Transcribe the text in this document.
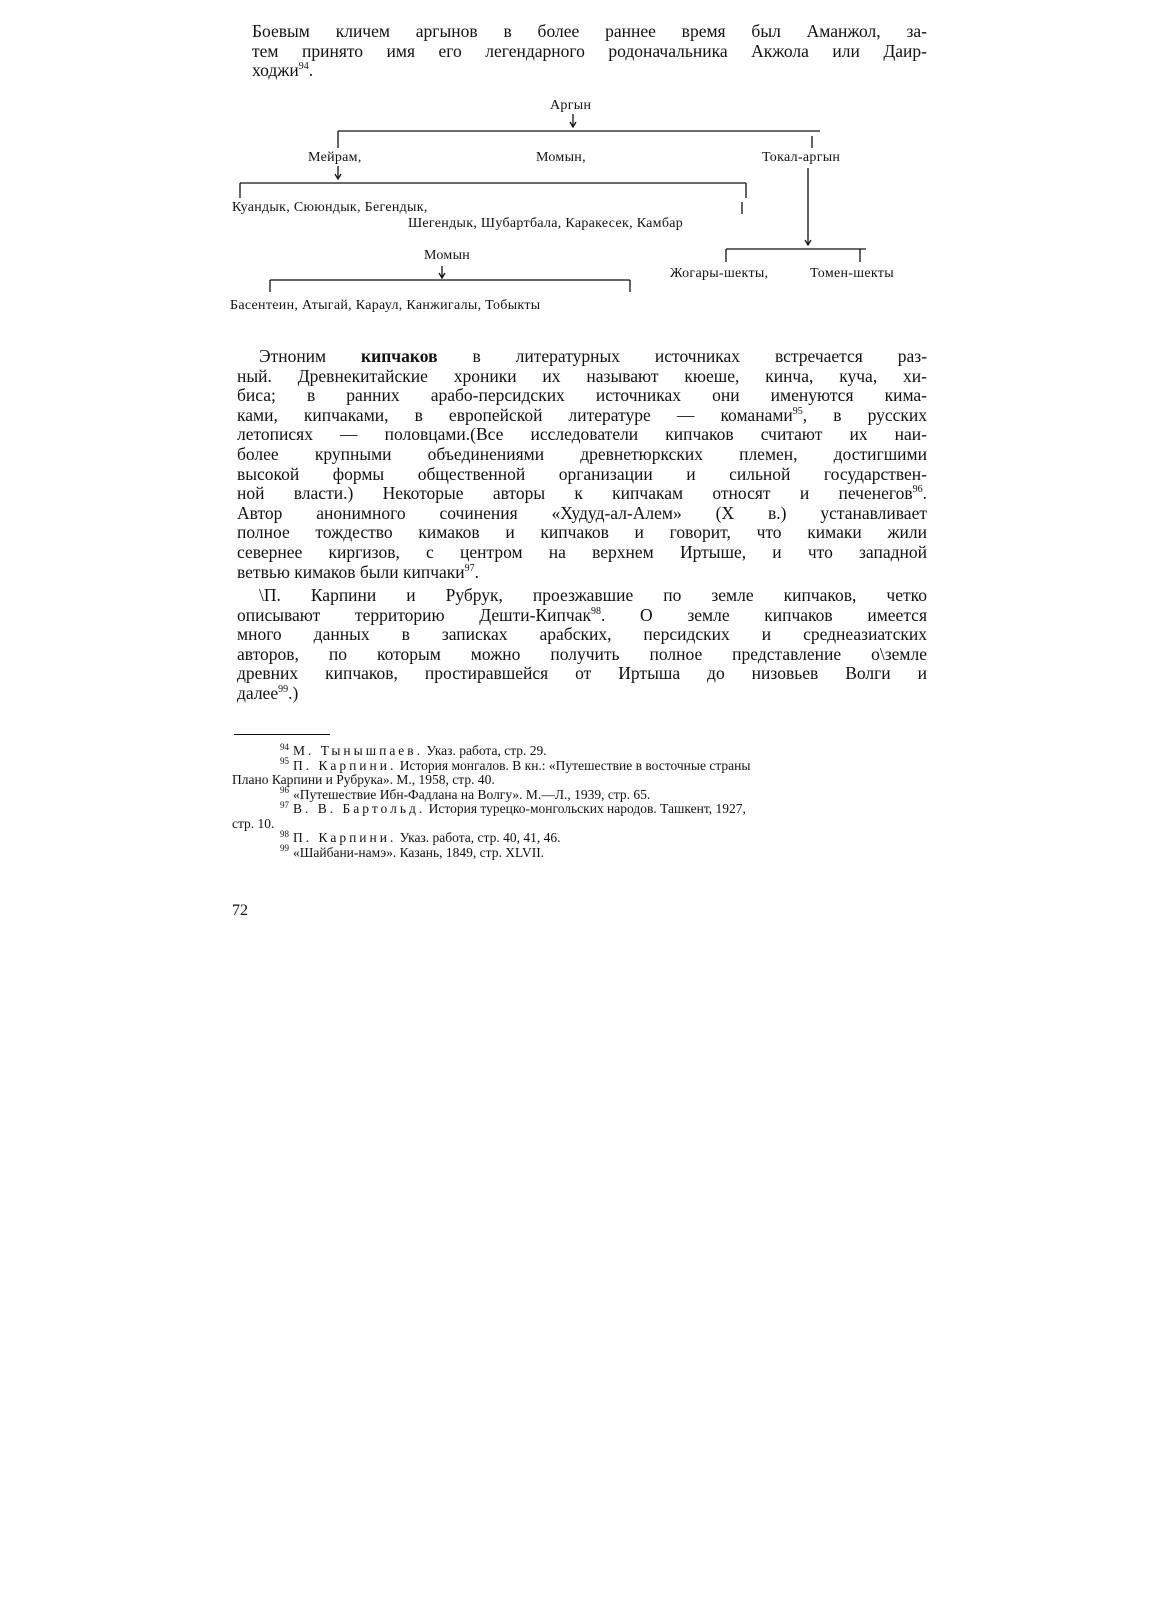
Боевым кличем аргынов в более раннее время был Аманжол, за-
тем принято имя его легендарного родоначальника Акжола или Даир-
ходжи$^{94}$.
Аргын
Мейрам,	Момын,	Токал-аргын
Куандык, Сююндык, Бегендык,
Шегендык, Шубартбала, Каракесек, Камбар
Момын
Жогары-шекты,	Томен-шекты
Басентеин, Атыгай, Караул, Канжигалы, Тобыкты
Этноним кипчаков в литературных источниках встречается раз-
ный. Древнекитайские хроники их называют кюеше, кинча, куча, хи-
биса; в ранних арабо-персидских источниках они именуются кима-
ками, кипчаками, в европейской литературе — команами$^{95}$, в русских
летописях — половцами.(Все исследователи кипчаков считают их наи-
более крупными объединениями древнетюркских племен, достигшими
высокой формы общественной организации и сильной государствен-
ной власти.) Некоторые авторы к кипчакам относят и печенегов$^{96}$.
Автор анонимного сочинения «Худуд-ал-Алем» (X в.) устанавливает
полное тождество кимаков и кипчаков и говорит, что кимаки жили
севернее киргизов, с центром на верхнем Иртыше, и что западной
ветвью кимаков были кипчаки$^{97}$.
\П. Карпини и Рубрук, проезжавшие по земле кипчаков, четко
описывают территорию Дешти-Кипчак$^{98}$. О земле кипчаков имеется
много данных в записках арабских, персидских и среднеазиатских
авторов, по которым можно получить полное представление о\земле
древних кипчаков, простиравшейся от Иртыша до низовьев Волги и
далее$^{99}$.)
$^{94}$ М. Тынышпаев. Указ. работа, стр. 29.
$^{95}$ П. Карпини. История монгалов. В кн.: «Путешествие в восточные страны
Плано Карпини и Рубрука». М., 1958, стр. 40.
$^{96}$ «Путешествие Ибн-Фадлана на Волгу». М.—Л., 1939, стр. 65.
$^{97}$ В. В. Бартольд. История турецко-монгольских народов. Ташкент, 1927,
стр. 10.
$^{98}$ П. Карпини. Указ. работа, стр. 40, 41, 46.
$^{99}$ «Шайбани-намэ». Казань, 1849, стр. XLVII.
72
